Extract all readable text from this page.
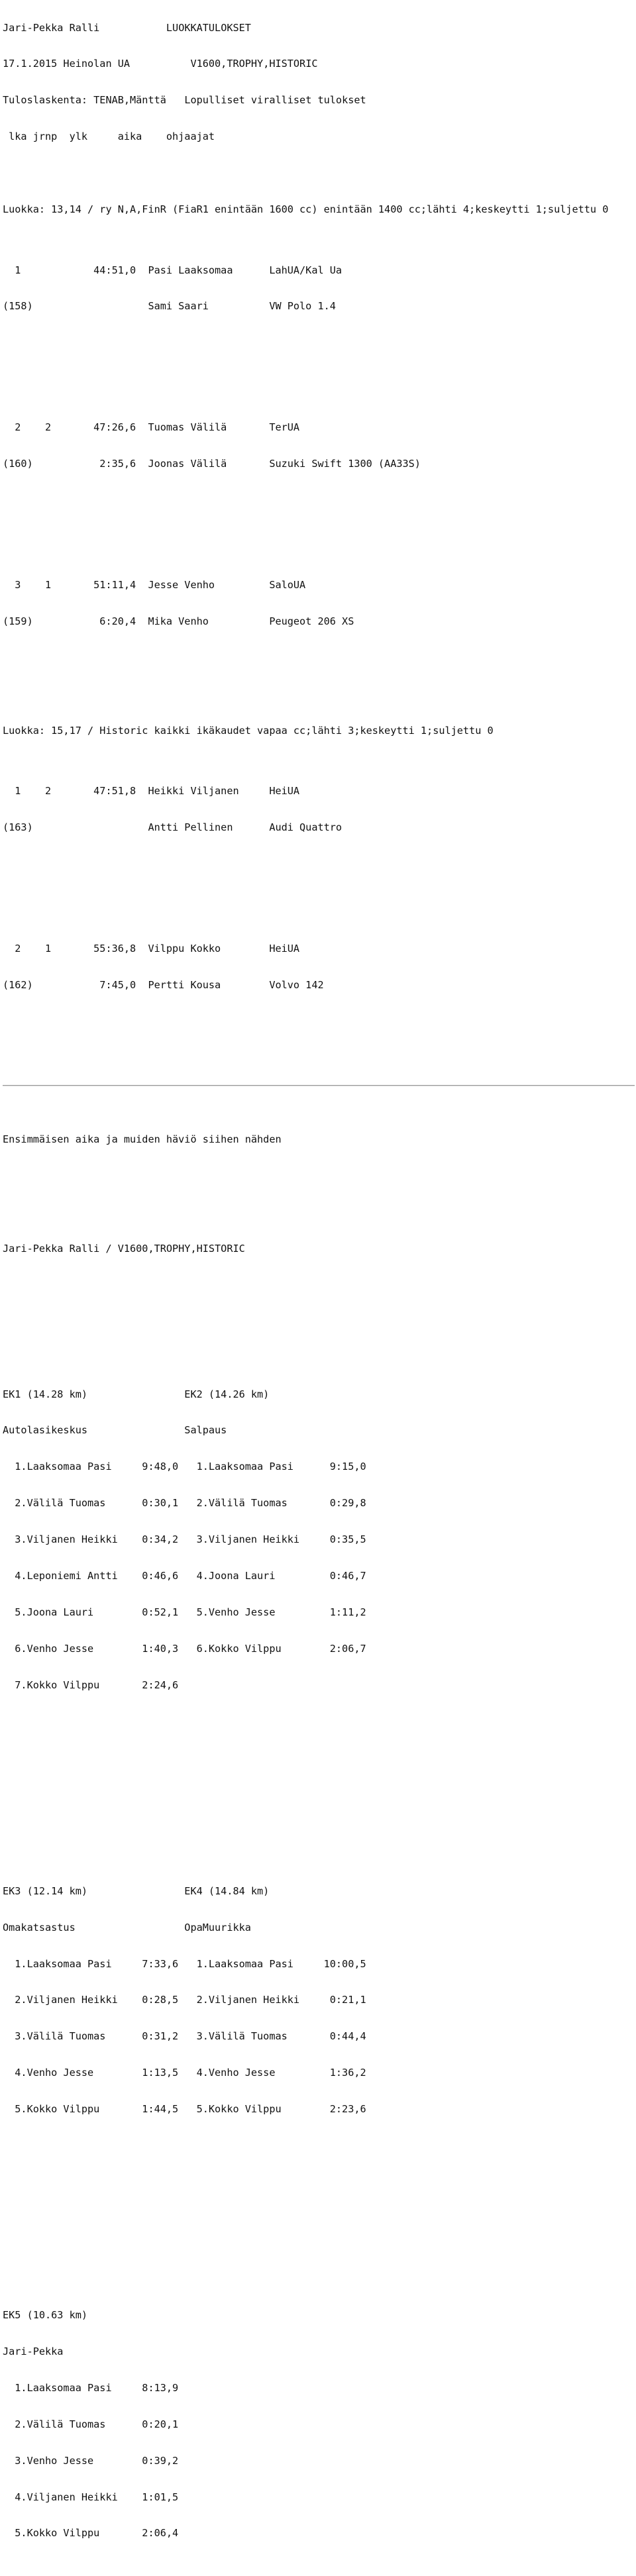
Jari-Pekka Ralli	LUOKKATULOKSET

17.1.2015 Heinolan UA	V1600,TROPHY,HISTORIC

Tuloslaskenta: TENAB,Mänttä Lopulliset viralliset tulokset

lka jrnp  ylk     aika    ohjaajat

Luokka: 13,14 / ry N,A,FinR (FiaR1 enintään 1600 cc) enintään 1400 cc;lähti 4;keskeytti 1;suljettu 0

1            44:51,0  Pasi Laaksomaa      LahUA/Kal Ua

(158)                   Sami Saari          VW Polo 1.4

2    2       47:26,6  Tuomas Välilä       TerUA

(160)           2:35,6  Joonas Välilä       Suzuki Swift 1300 (AA33S)

3    1       51:11,4  Jesse Venho         SaloUA

(159)           6:20,4  Mika Venho          Peugeot 206 XS

Luokka: 15,17 / Historic kaikki ikäkaudet vapaa cc;lähti 3;keskeytti 1;suljettu 0

1    2       47:51,8  Heikki Viljanen     HeiUA

(163)                   Antti Pellinen      Audi Quattro

2    1       55:36,8  Vilppu Kokko        HeiUA

(162)           7:45,0  Pertti Kousa        Volvo 142

Ensimmäisen aika ja muiden häviö siihen nähden

Jari-Pekka Ralli / V1600,TROPHY,HISTORIC

EK1 (14.28 km)                EK2 (14.26 km)

Autolasikeskus                Salpaus

1.Laaksomaa Pasi     9:48,0   1.Laaksomaa Pasi      9:15,0

2.Välilä Tuomas      0:30,1   2.Välilä Tuomas       0:29,8

3.Viljanen Heikki    0:34,2   3.Viljanen Heikki     0:35,5

4.Leponiemi Antti    0:46,6   4.Joona Lauri         0:46,7

5.Joona Lauri        0:52,1   5.Venho Jesse         1:11,2

6.Venho Jesse        1:40,3   6.Kokko Vilppu        2:06,7

7.Kokko Vilppu       2:24,6

EK3 (12.14 km)                EK4 (14.84 km)

Omakatsastus                  OpaMuurikka

1.Laaksomaa Pasi     7:33,6   1.Laaksomaa Pasi     10:00,5

2.Viljanen Heikki    0:28,5   2.Viljanen Heikki     0:21,1

3.Välilä Tuomas      0:31,2   3.Välilä Tuomas       0:44,4

4.Venho Jesse        1:13,5   4.Venho Jesse         1:36,2

5.Kokko Vilppu       1:44,5   5.Kokko Vilppu        2:23,6

EK5 (10.63 km)

Jari-Pekka

1.Laaksomaa Pasi     8:13,9

2.Välilä Tuomas      0:20,1

3.Venho Jesse        0:39,2

4.Viljanen Heikki    1:01,5

5.Kokko Vilppu       2:06,4
